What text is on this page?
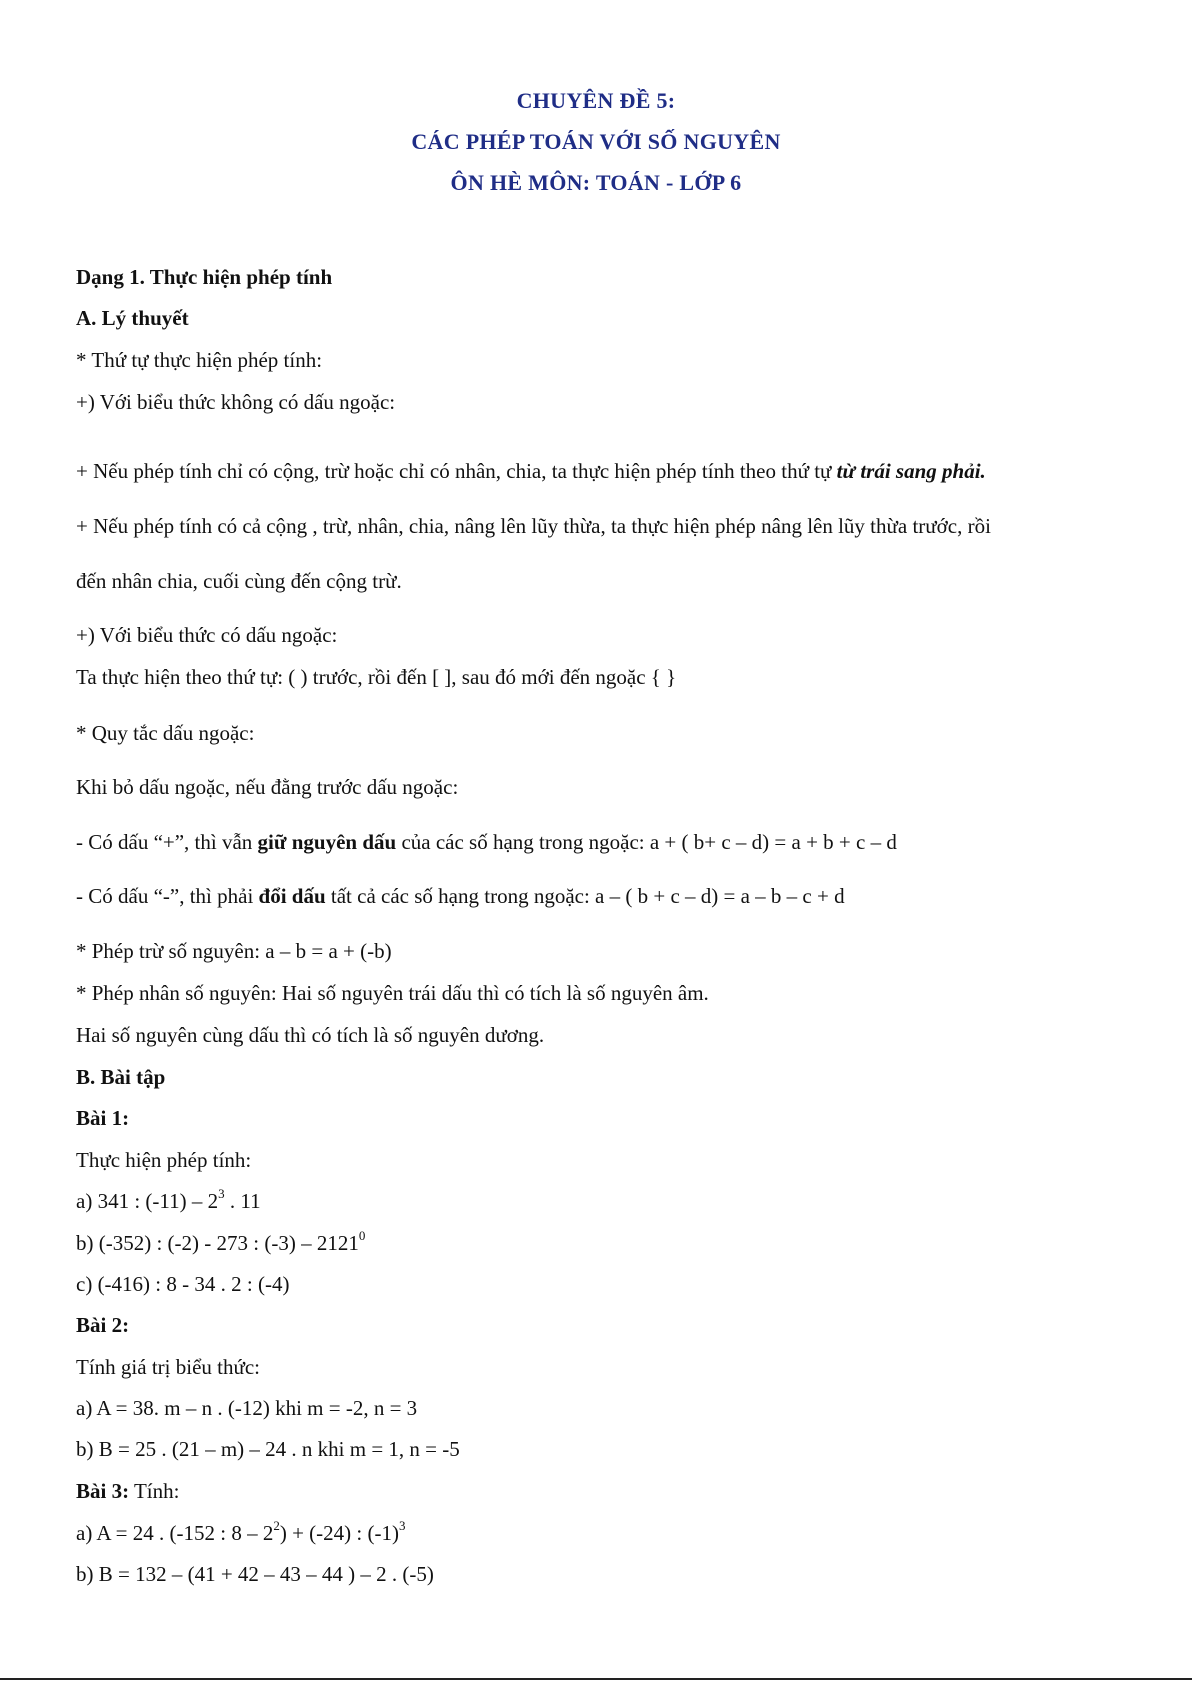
CHUYÊN ĐỀ 5:
CÁC PHÉP TOÁN VỚI SỐ NGUYÊN
ÔN HÈ MÔN: TOÁN - LỚP 6
Dạng 1. Thực hiện phép tính
A. Lý thuyết
* Thứ tự thực hiện phép tính:
+) Với biểu thức không có dấu ngoặc:
+ Nếu phép tính chỉ có cộng, trừ hoặc chỉ có nhân, chia, ta thực hiện phép tính theo thứ tự từ trái sang phải.
+ Nếu phép tính có cả cộng , trừ, nhân, chia, nâng lên lũy thừa, ta thực hiện phép nâng lên lũy thừa trước, rồi
đến nhân chia, cuối cùng đến cộng trừ.
+) Với biểu thức có dấu ngoặc:
Ta thực hiện theo thứ tự: ( ) trước, rồi đến [ ], sau đó mới đến ngoặc { }
* Quy tắc dấu ngoặc:
Khi bỏ dấu ngoặc, nếu đằng trước dấu ngoặc:
- Có dấu “+”, thì vẫn giữ nguyên dấu của các số hạng trong ngoặc: a + ( b+ c – d) = a + b + c – d
- Có dấu “-”, thì phải đổi dấu tất cả các số hạng trong ngoặc: a – ( b + c – d) = a – b – c + d
* Phép trừ số nguyên: a – b = a + (-b)
* Phép nhân số nguyên: Hai số nguyên trái dấu thì có tích là số nguyên âm.
Hai số nguyên cùng dấu thì có tích là số nguyên dương.
B. Bài tập
Bài 1:
Thực hiện phép tính:
a) 341 : $(-11) - 2^3$ . 11
b) (-352) : (-2) - 273 : (-3) – 2121$^0$
c) (-416) : 8 - 34 . 2 : (-4)
Bài 2:
Tính giá trị biểu thức:
a) A = 38. m – n . (-12) khi m = -2, n = 3
b) B = 25 . (21 – m) – 24 . n khi m = 1, n = -5
Bài 3: Tính:
a) A = 24 . (-152 : $8 - 2^2) + (-24)$ : $(-1)^3$
b) B = 132 – (41 + 42 – 43 – 44 ) – 2 . (-5)
